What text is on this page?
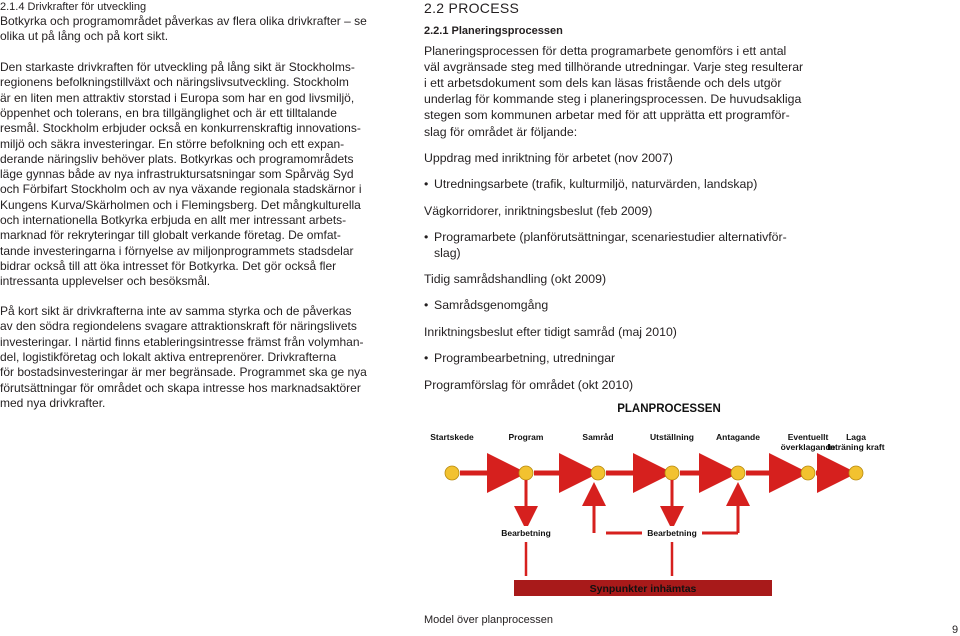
2.1.4 Drivkrafter för utveckling

Botkyrka och programområdet påverkas av flera olika drivkrafter – se olika ut på lång och på kort sikt.

Den starkaste drivkraften för utveckling på lång sikt är Stockholms-

regionens befolkningstillväxt och näringslivsutveckling. Stockholm

är en liten men attraktiv storstad i Europa som har en god livsmiljö,

öppenhet och tolerans, en bra tillgänglighet och är ett tilltalande

resmål. Stockholm erbjuder också en konkurrenskraftig innovations-

miljö och säkra investeringar. En större befolkning och ett expan-

derande näringsliv behöver plats. Botkyrkas och programområdets

läge gynnas både av nya infrastruktursatsningar som Spårväg Syd

och Förbifart Stockholm och av nya växande regionala stadskärnor i

Kungens Kurva/Skärholmen och i Flemingsberg. Det mångkulturella

och internationella Botkyrka erbjuda en allt mer intressant arbets-

marknad för rekryteringar till globalt verkande företag. De omfat-

tande investeringarna i förnyelse av miljonprogrammets stadsdelar

bidrar också till att öka intresset för Botkyrka. Det gör också fler

intressanta upplevelser och besöksmål.

På kort sikt är drivkrafterna inte av samma styrka och de påverkas

av den södra regiondelens svagare attraktionskraft för näringslivets

investeringar. I närtid finns etableringsintresse främst från volymhan-

del, logistikföretag och lokalt aktiva entreprenörer. Drivkrafterna

för bostadsinvesteringar är mer begränsade. Programmet ska ge nya

förutsättningar för området och skapa intresse hos marknadsaktörer

med nya drivkrafter.

2.2 PROCESS
2.2.1 Planeringsprocessen

Planeringsprocessen för detta programarbete genomförs i ett antal

väl avgränsade steg med tillhörande utredningar. Varje steg resulterar

i ett arbetsdokument som dels kan läsas fristående och dels utgör

underlag för kommande steg i planeringsprocessen. De huvudsakliga

stegen som kommunen arbetar med för att upprätta ett programför-

slag för området är följande:

Uppdrag med inriktning för arbetet (nov 2007)

• Utredningsarbete (trafik, kulturmiljö, naturvärden, landskap)

Vägkorridorer, inriktningsbeslut (feb 2009)

• Programarbete (planförutsättningar, scenariestudier alternativför-slag)

Tidig samrådshandling (okt 2009)

• Samrådsgenomgång

Inriktningsbeslut efter tidigt samråd (maj 2010)

• Programbearbetning, utredningar

Programförslag för området (okt 2010)

PLANPROCESSEN
Startskede	Program	Samråd	Utställning	Antagande	Eventuellt överklagande
Laga Inträning kraft
Bearbetning	Bearbetning
Synpunkter inhämtas

Model över planprocessen

9
